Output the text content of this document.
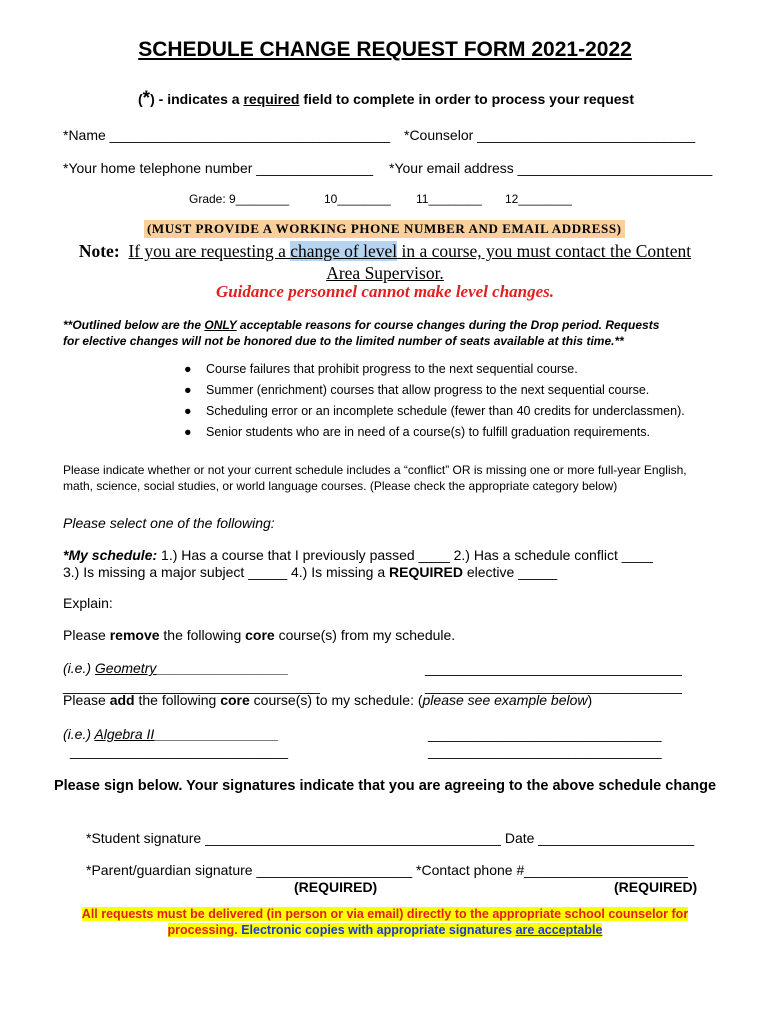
SCHEDULE CHANGE REQUEST FORM 2021-2022
(*) - indicates a required field to complete in order to process your request
*Name ____________________________________ *Counselor ____________________________
*Your home telephone number _______________ *Your email address _________________________
Grade: 9________	10________ 11________ 12________
(MUST PROVIDE A WORKING PHONE NUMBER AND EMAIL ADDRESS)
Note: If you are requesting a change of level in a course, you must contact the Content
Area Supervisor.
Guidance personnel cannot make level changes.
**Outlined below are the ONLY acceptable reasons for course changes during the Drop period. Requests
for elective changes will not be honored due to the limited number of seats available at this time.**
● Course failures that prohibit progress to the next sequential course.
● Summer (enrichment) courses that allow progress to the next sequential course.
● Scheduling error or an incomplete schedule (fewer than 40 credits for underclassmen).
● Senior students who are in need of a course(s) to fulfill graduation requirements.
Please indicate whether or not your current schedule includes a “conflict” OR is missing one or more full-year English,
math, science, social studies, or world language courses. (Please check the appropriate category below)
Please select one of the following:
*My schedule: 1.) Has a course that I previously passed ____ 2.) Has a schedule conflict ____
3.) Is missing a major subject _____ 4.) Is missing a REQUIRED elective _____
Explain:
Please remove the following core course(s) from my schedule.
(i.e.) Geometry_________________	_________________________________
_________________________________	_________________________________
Please add the following core course(s) to my schedule: (please see example below)
(i.e.) Algebra II________________	______________________________
____________________________	______________________________
Please sign below. Your signatures indicate that you are agreeing to the above schedule change
*Student signature ______________________________________ Date ____________________
*Parent/guardian signature ____________________ *Contact phone #_____________________
(REQUIRED)	(REQUIRED)
All requests must be delivered (in person or via email) directly to the appropriate school counselor for
processing. Electronic copies with appropriate signatures are acceptable
